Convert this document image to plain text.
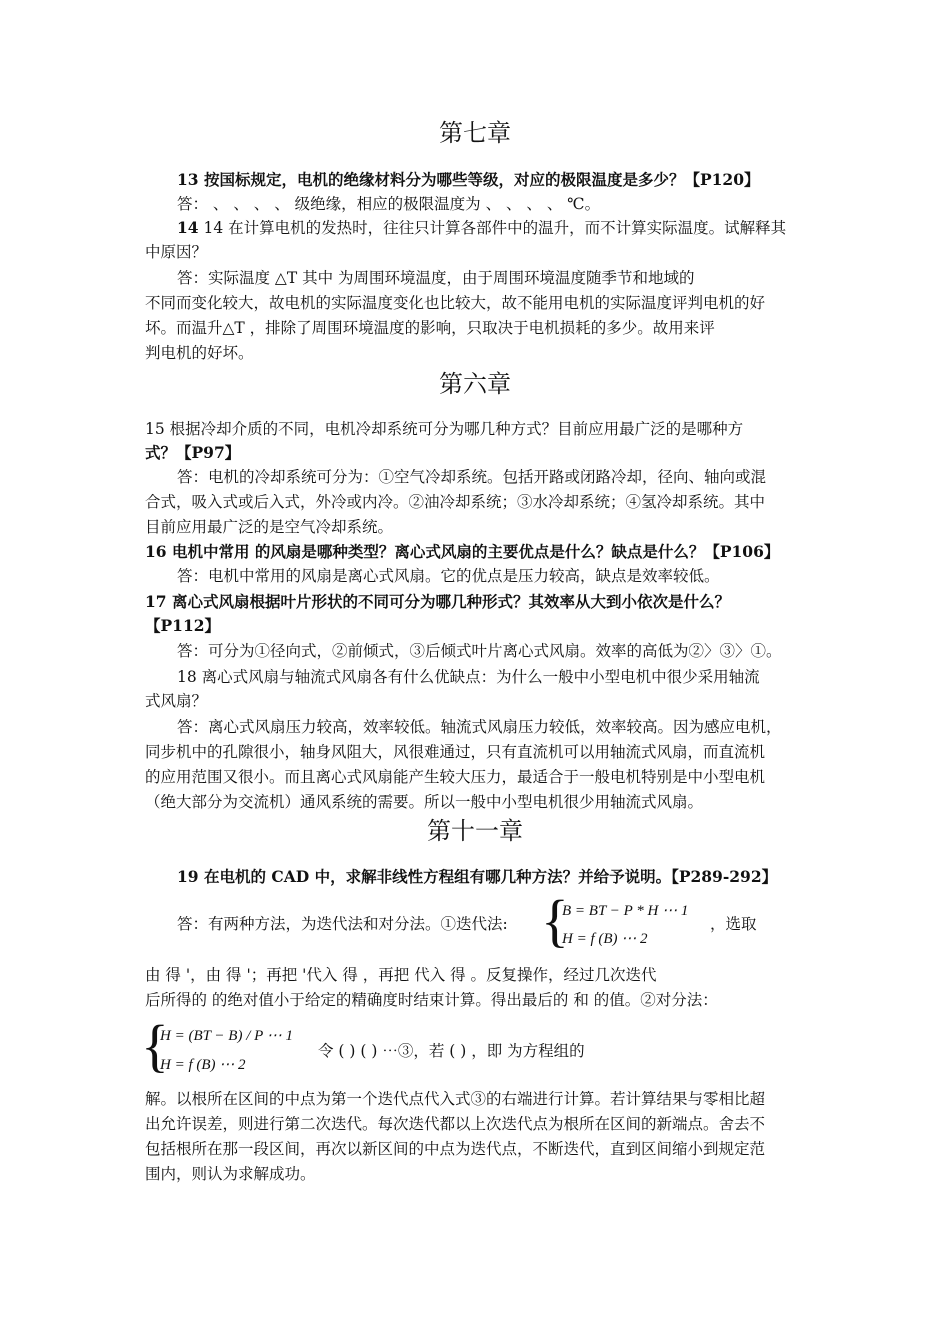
第七章
13 按国标规定，电机的绝缘材料分为哪些等级，对应的极限温度是多少？【P120】
答： 、 、 、 、 级绝缘，相应的极限温度为 、 、 、 、 ℃。
14 14 在计算电机的发热时，往往只计算各部件中的温升，而不计算实际温度。试解释其
中原因？
答：实际温度 △T 其中 为周围环境温度，由于周围环境温度随季节和地域的
不同而变化较大，故电机的实际温度变化也比较大，故不能用电机的实际温度评判电机的好
坏。而温升△T ，排除了周围环境温度的影响，只取决于电机损耗的多少。故用来评
判电机的好坏。
第六章
15 根据冷却介质的不同，电机冷却系统可分为哪几种方式？目前应用最广泛的是哪种方
式？【P97】
答：电机的冷却系统可分为：①空气冷却系统。包括开路或闭路冷却，径向、轴向或混
合式，吸入式或后入式，外冷或内冷。②油冷却系统；③水冷却系统；④氢冷却系统。其中
目前应用最广泛的是空气冷却系统。
16 电机中常用 的风扇是哪种类型？离心式风扇的主要优点是什么？缺点是什么？【P106】
答：电机中常用的风扇是离心式风扇。它的优点是压力较高，缺点是效率较低。
17 离心式风扇根据叶片形状的不同可分为哪几种形式？其效率从大到小依次是什么？
【P112】
答：可分为①径向式，②前倾式，③后倾式叶片离心式风扇。效率的高低为②〉③〉①。
18 离心式风扇与轴流式风扇各有什么优缺点：为什么一般中小型电机中很少采用轴流
式风扇？
答：离心式风扇压力较高，效率较低。轴流式风扇压力较低，效率较高。因为感应电机，
同步机中的孔隙很小，轴身风阻大，风很难通过，只有直流机可以用轴流式风扇，而直流机
的应用范围又很小。而且离心式风扇能产生较大压力，最适合于一般电机特别是中小型电机
（绝大部分为交流机）通风系统的需要。所以一般中小型电机很少用轴流式风扇。
第十一章
19 在电机的 CAD 中，求解非线性方程组有哪几种方法？并给予说明。【P289-292】
答：有两种方法，为迭代法和对分法。①迭代法: {
B = BT − P * H ⋯ 1
H = f (B) ⋯ 2
，选取
由 得 '，由 得 '；再把 '代入 得 ，再把 代入 得 。反复操作，经过几次迭代
后所得的 的绝对值小于给定的精确度时结束计算。得出最后的 和 的值。②对分法：
{
H = (BT − B) / P ⋯ 1
H = f (B) ⋯ 2
令 ( ) ( ) ⋯③，若 ( ) ，即 为方程组的
解。以根所在区间的中点为第一个迭代点代入式③的右端进行计算。若计算结果与零相比超
出允许误差，则进行第二次迭代。每次迭代都以上次迭代点为根所在区间的新端点。舍去不
包括根所在那一段区间，再次以新区间的中点为迭代点，不断迭代，直到区间缩小到规定范
围内，则认为求解成功。
